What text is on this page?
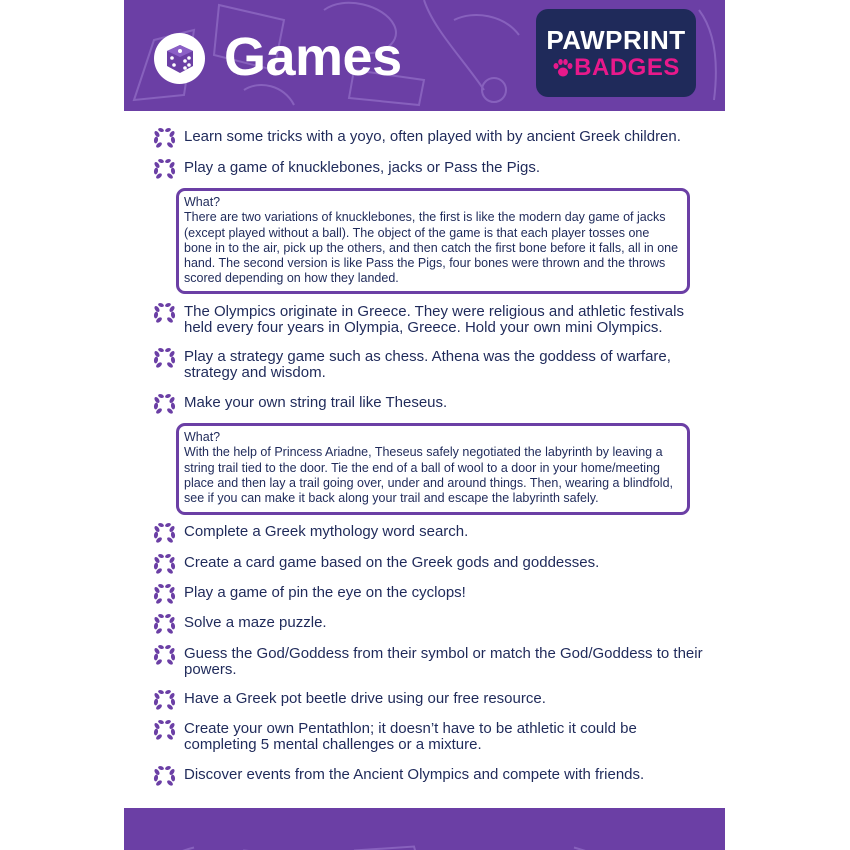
Games	PAWPRINT
BADGES
Learn some tricks with a yoyo, often played with by ancient Greek children.
Play a game of knucklebones, jacks or Pass the Pigs.
What?
There are two variations of knucklebones, the first is like the modern day game of jacks (except played without a ball). The object of the game is that each player tosses one bone in to the air, pick up the others, and then catch the first bone before it falls, all in one hand. The second version is like Pass the Pigs, four bones were thrown and the throws scored depending on how they landed.
The Olympics originate in Greece. They were religious and athletic festivals held every four years in Olympia, Greece. Hold your own mini Olympics.
Play a strategy game such as chess. Athena was the goddess of warfare, strategy and wisdom.
Make your own string trail like Theseus.
What?
With the help of Princess Ariadne, Theseus safely negotiated the labyrinth by leaving a string trail tied to the door. Tie the end of a ball of wool to a door in your home/meeting place and then lay a trail going over, under and around things. Then, wearing a blindfold, see if you can make it back along your trail and escape the labyrinth safely.
Complete a Greek mythology word search.
Create a card game based on the Greek gods and goddesses.
Play a game of pin the eye on the cyclops!
Solve a maze puzzle.
Guess the God/Goddess from their symbol or match the God/Goddess to their powers.
Have a Greek pot beetle drive using our free resource.
Create your own Pentathlon; it doesn’t have to be athletic it could be completing 5 mental challenges or a mixture.
Discover events from the Ancient Olympics and compete with friends.
